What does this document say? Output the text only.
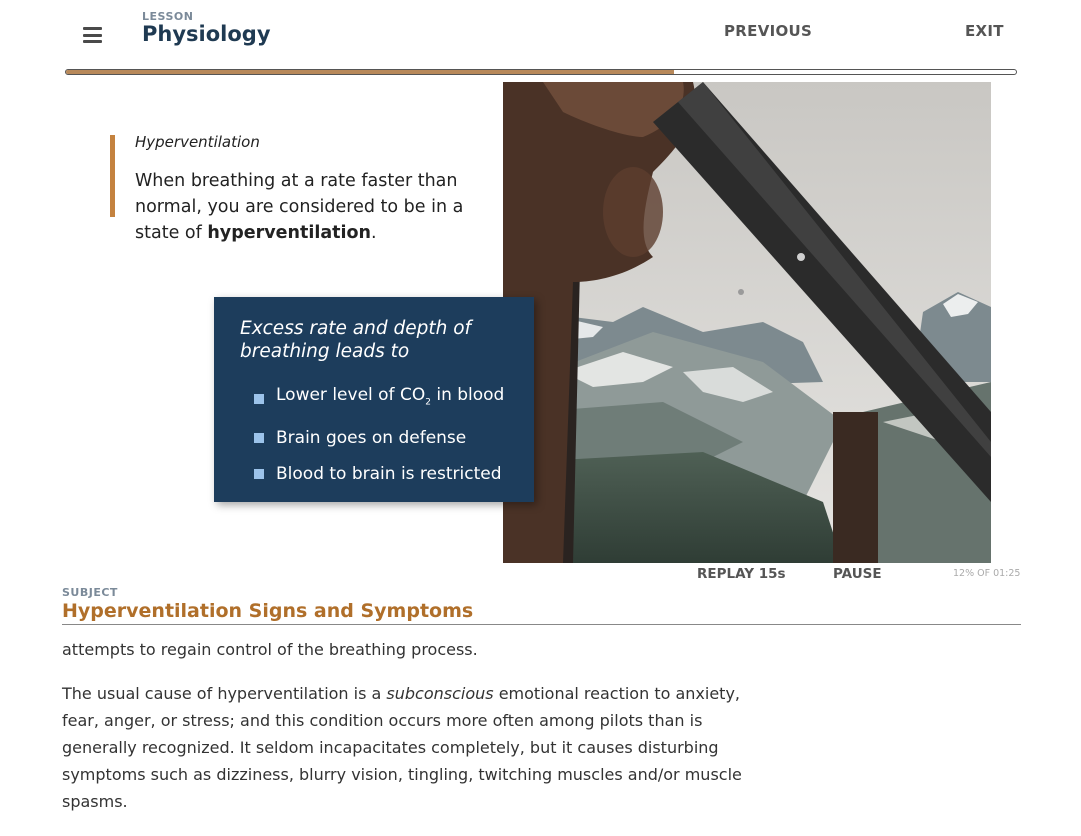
LESSON
Physiology	PREVIOUS	EXIT
Hyperventilation
When breathing at a rate faster than normal, you are considered to be in a state of hyperventilation.
Excess rate and depth of breathing leads to
Lower level of $CO_2$ in blood
Brain goes on defense
Blood to brain is restricted
REPLAY 15s	PAUSE	12% OF 01:25
SUBJECT
Hyperventilation Signs and Symptoms
attempts to regain control of the breathing process.
The usual cause of hyperventilation is a subconscious emotional reaction to anxiety, fear, anger, or stress; and this condition occurs more often among pilots than is generally recognized. It seldom incapacitates completely, but it causes disturbing symptoms such as dizziness, blurry vision, tingling, twitching muscles and/or muscle spasms.
